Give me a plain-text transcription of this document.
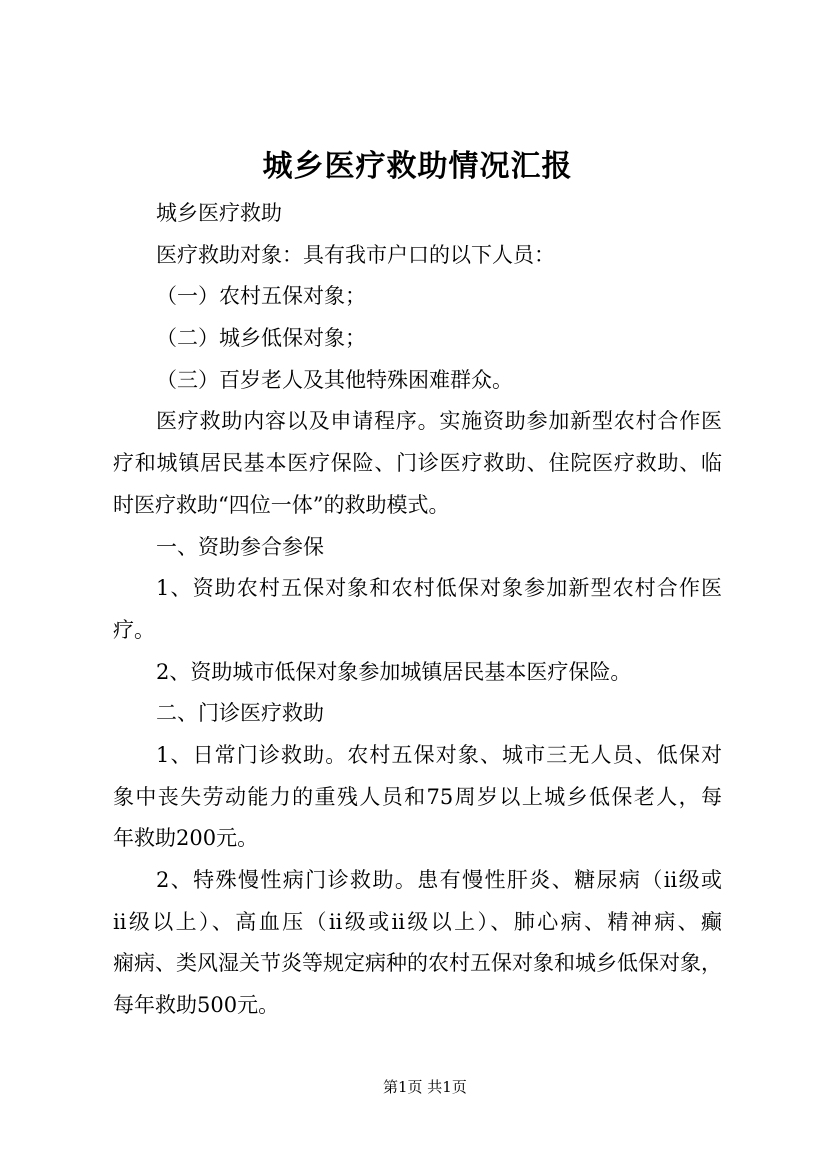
城乡医疗救助情况汇报
城乡医疗救助
医疗救助对象：具有我市户口的以下人员：
（一）农村五保对象；
（二）城乡低保对象；
（三）百岁老人及其他特殊困难群众。
医疗救助内容以及申请程序。实施资助参加新型农村合作医
疗和城镇居民基本医疗保险、门诊医疗救助、住院医疗救助、临
时医疗救助“四位一体”的救助模式。
一、资助参合参保
1、资助农村五保对象和农村低保对象参加新型农村合作医
疗。
2、资助城市低保对象参加城镇居民基本医疗保险。
二、门诊医疗救助
1、日常门诊救助。农村五保对象、城市三无人员、低保对
象中丧失劳动能力的重残人员和75周岁以上城乡低保老人，每
年救助200元。
2、特殊慢性病门诊救助。患有慢性肝炎、糖尿病（ii级或
ii级以上）、高血压（ii级或ii级以上）、肺心病、精神病、癫
痫病、类风湿关节炎等规定病种的农村五保对象和城乡低保对象，
每年救助500元。
第1页 共1页
